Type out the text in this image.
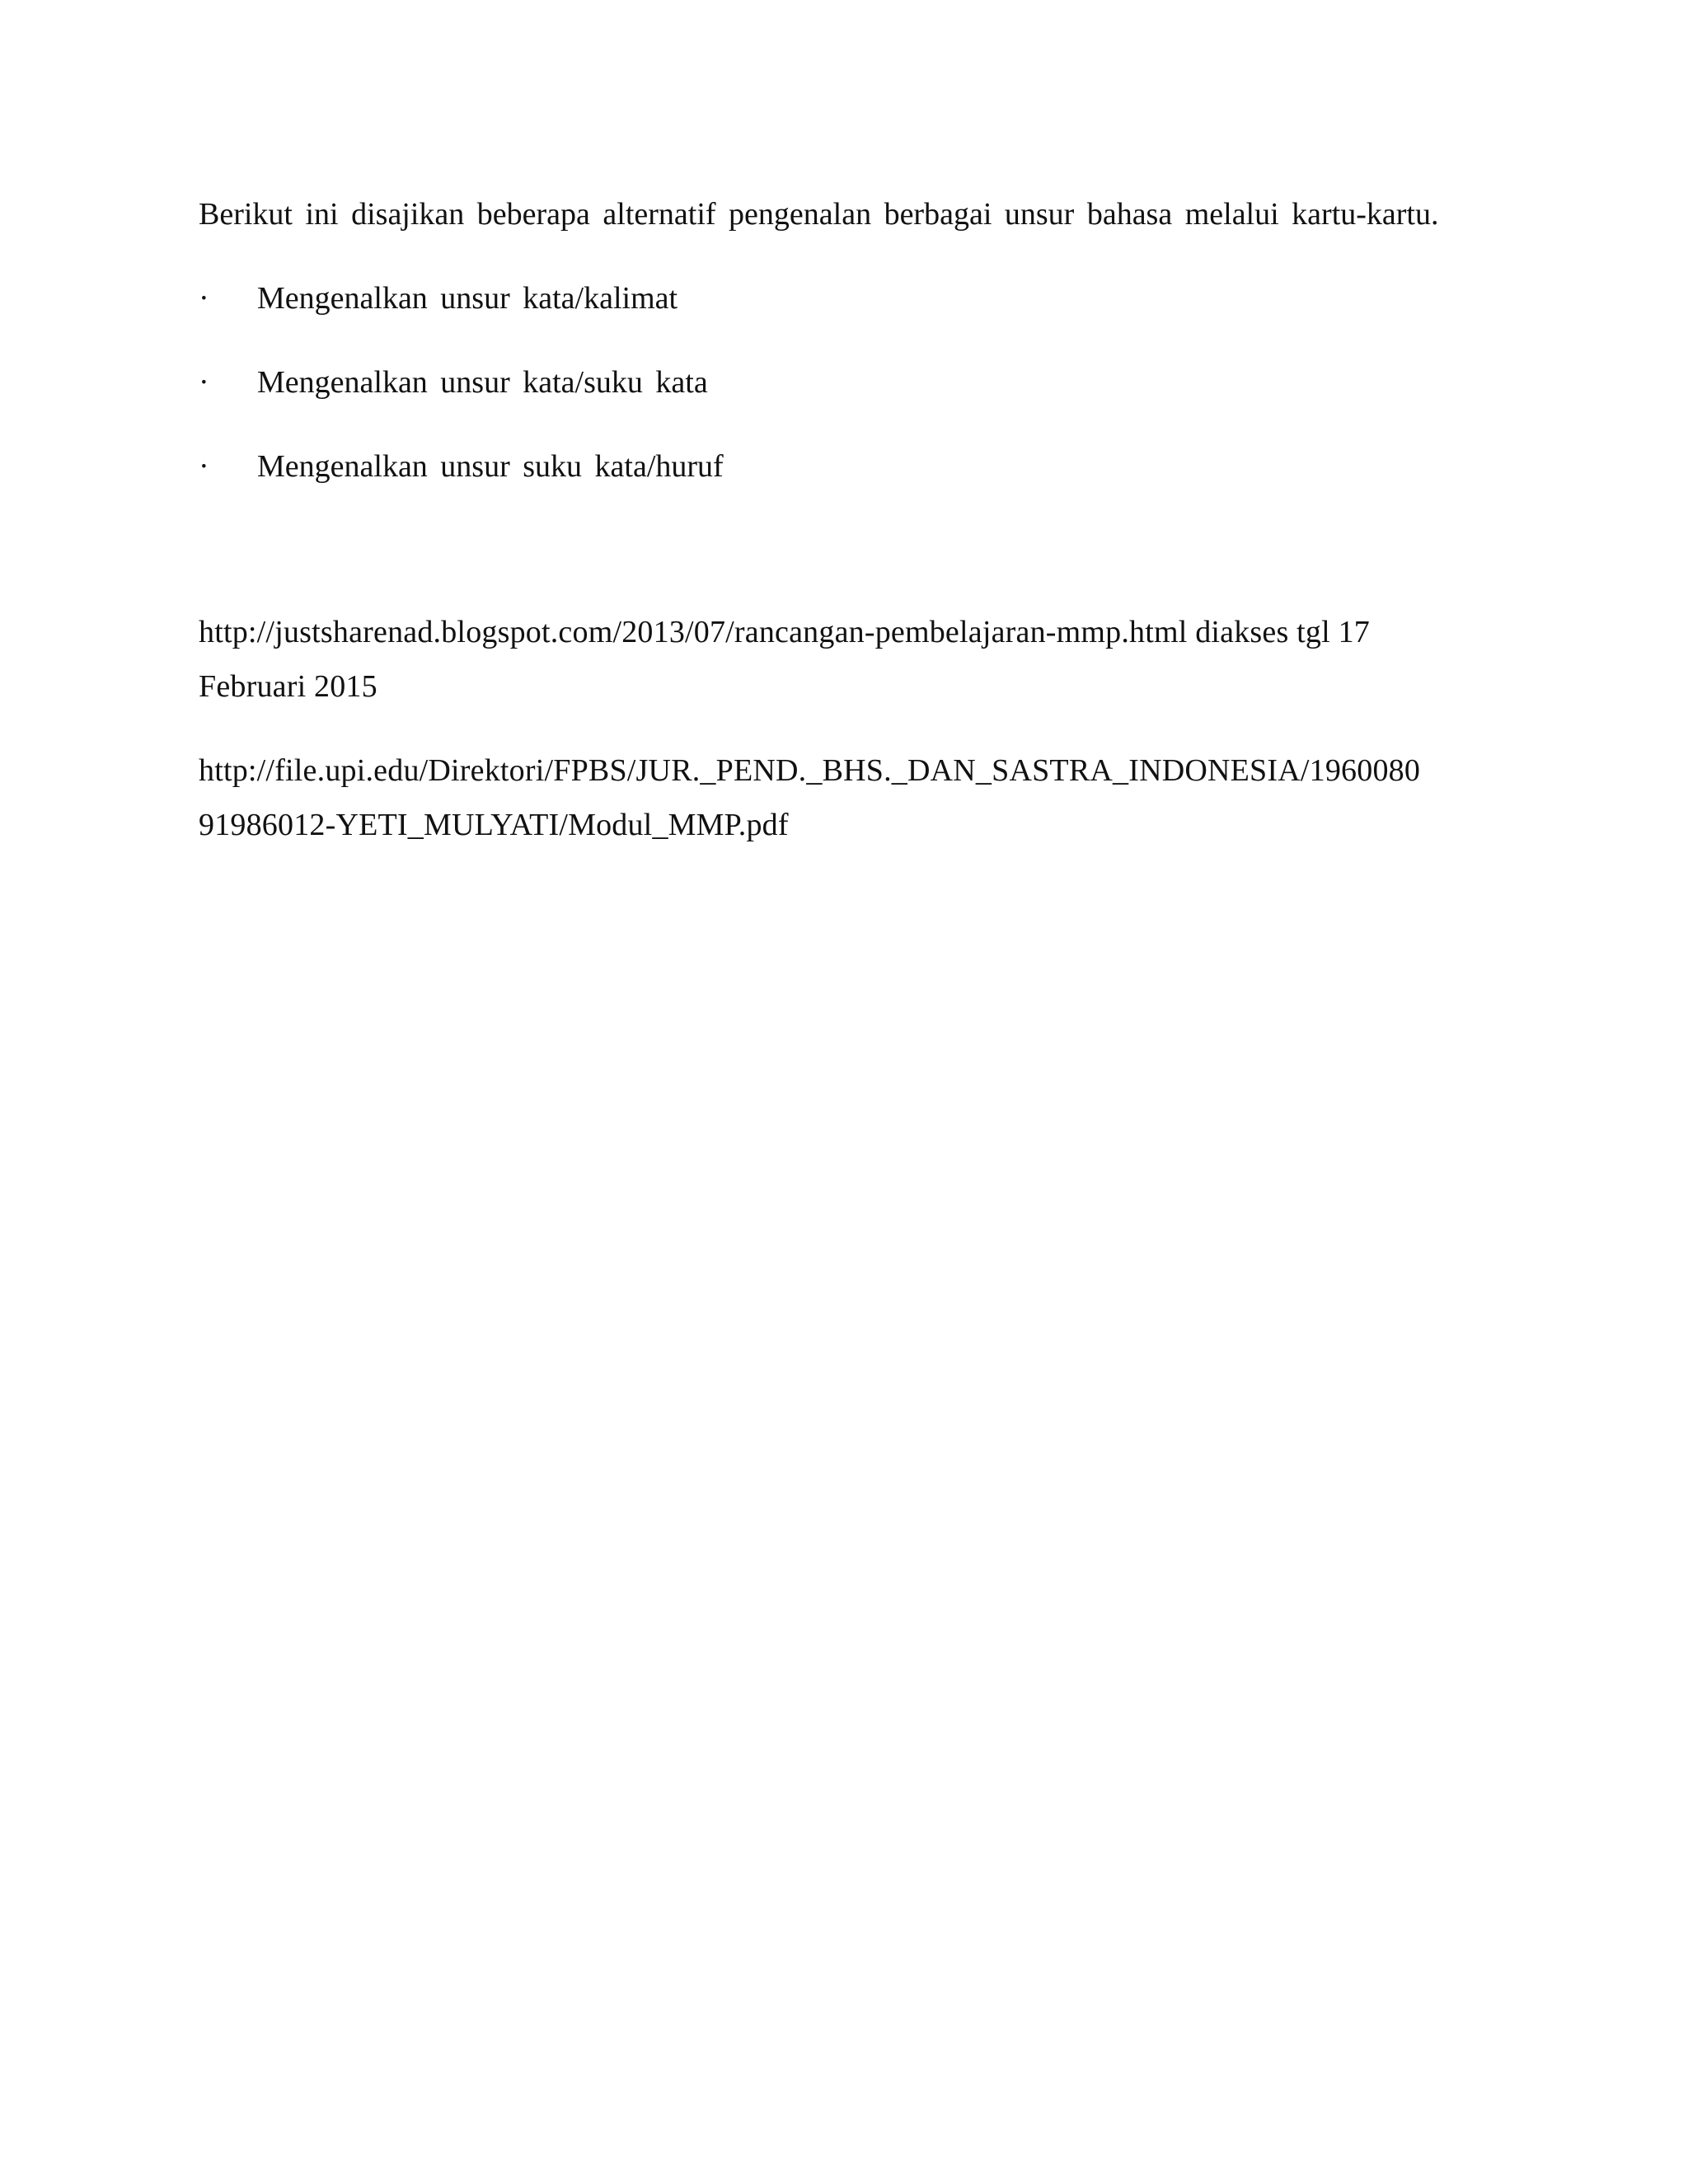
Berikut ini disajikan beberapa alternatif pengenalan berbagai unsur bahasa melalui kartu-kartu.

·	Mengenalkan unsur kata/kalimat
·	Mengenalkan unsur kata/suku kata
·	Mengenalkan unsur suku kata/huruf

http://justsharenad.blogspot.com/2013/07/rancangan-pembelajaran-mmp.html diakses tgl 17
Februari 2015

http://file.upi.edu/Direktori/FPBS/JUR._PEND._BHS._DAN_SASTRA_INDONESIA/1960080
91986012-YETI_MULYATI/Modul_MMP.pdf
